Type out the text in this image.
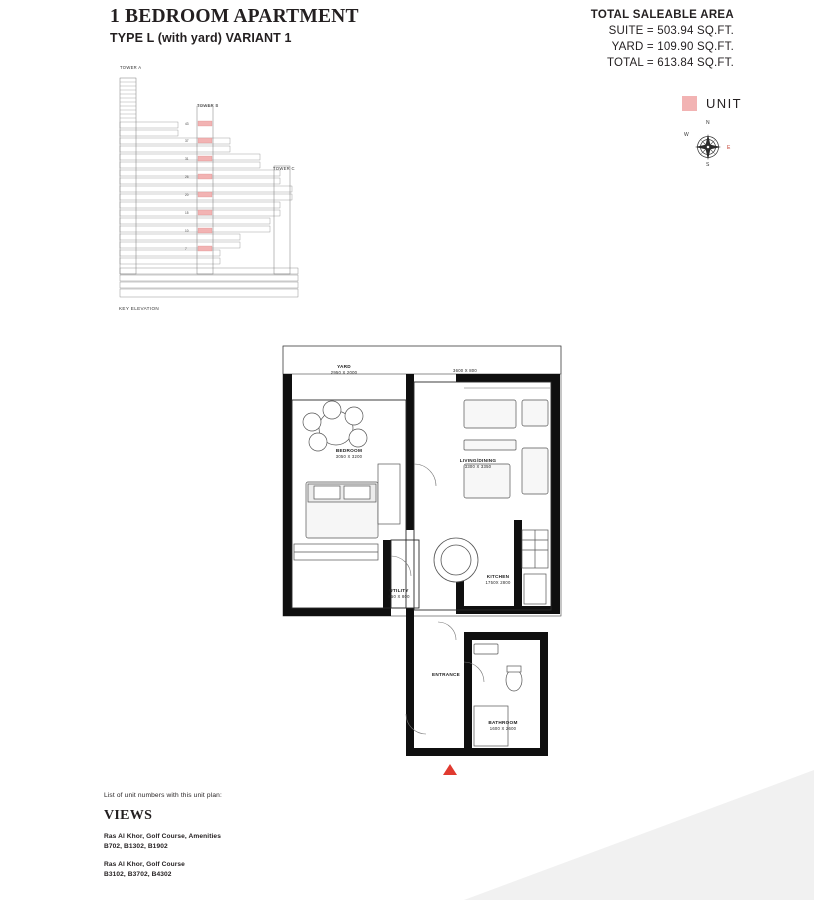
1 BEDROOM APARTMENT

TYPE L (with yard) VARIANT 1

TOTAL SALEABLE AREA
SUITE = 503.94 SQ.FT.
YARD = 109.90 SQ.FT.
TOTAL = 613.84 SQ.FT.
UNIT
N
S
E
W
43
37
31
26
20
15
10
7
TOWER A
TOWER B
TOWER C
KEY ELEVATION
YARD
2950 X 2000	3600 X 800
BEDROOM
3050 X 3200
LIVING/DINING
3300 X 3350
UTILITY
850 X 800
KITCHEN
1750X 2800
ENTRANCE
BATHROOM
1600 X 2600

List of unit numbers with this unit plan:

VIEWS
Ras Al Khor, Golf Course, Amenities
B702, B1302, B1902
Ras Al Khor, Golf Course
B3102, B3702, B4302
